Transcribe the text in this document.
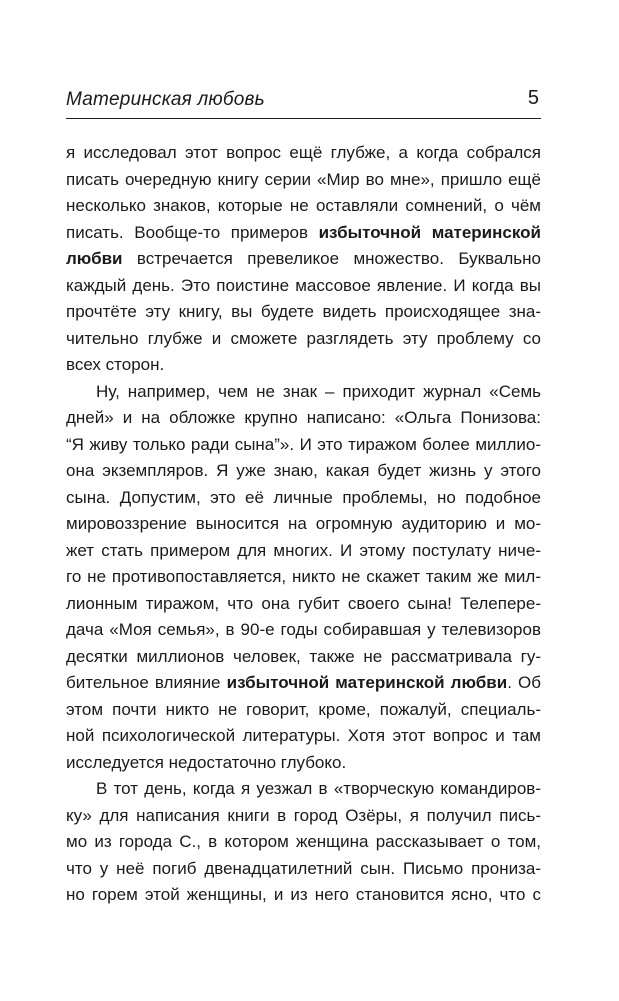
Материнская любовь	5
я исследовал этот вопрос ещё глубже, а когда собрался
писать очередную книгу серии «Мир во мне», пришло ещё
несколько знаков, которые не оставляли сомнений, о чём
писать. Вообще-то примеров избыточной материнской
любви встречается превеликое множество. Буквально
каждый день. Это поистине массовое явление. И когда вы
прочтёте эту книгу, вы будете видеть происходящее зна-
чительно глубже и сможете разглядеть эту проблему со
всех сторон.
Ну, например, чем не знак – приходит журнал «Семь
дней» и на обложке крупно написано: «Ольга Понизова:
“Я живу только ради сына”». И это тиражом более миллио-
она экземпляров. Я уже знаю, какая будет жизнь у этого
сына. Допустим, это её личные проблемы, но подобное
мировоззрение выносится на огромную аудиторию и мо-
жет стать примером для многих. И этому постулату ниче-
го не противопоставляется, никто не скажет таким же мил-
лионным тиражом, что она губит своего сына! Телепере-
дача «Моя семья», в 90-е годы собиравшая у телевизоров
десятки миллионов человек, также не рассматривала гу-
бительное влияние избыточной материнской любви. Об
этом почти никто не говорит, кроме, пожалуй, специаль-
ной психологической литературы. Хотя этот вопрос и там
исследуется недостаточно глубоко.
В тот день, когда я уезжал в «творческую командиров-
ку» для написания книги в город Озёры, я получил пись-
мо из города С., в котором женщина рассказывает о том,
что у неё погиб двенадцатилетний сын. Письмо прониза-
но горем этой женщины, и из него становится ясно, что с
